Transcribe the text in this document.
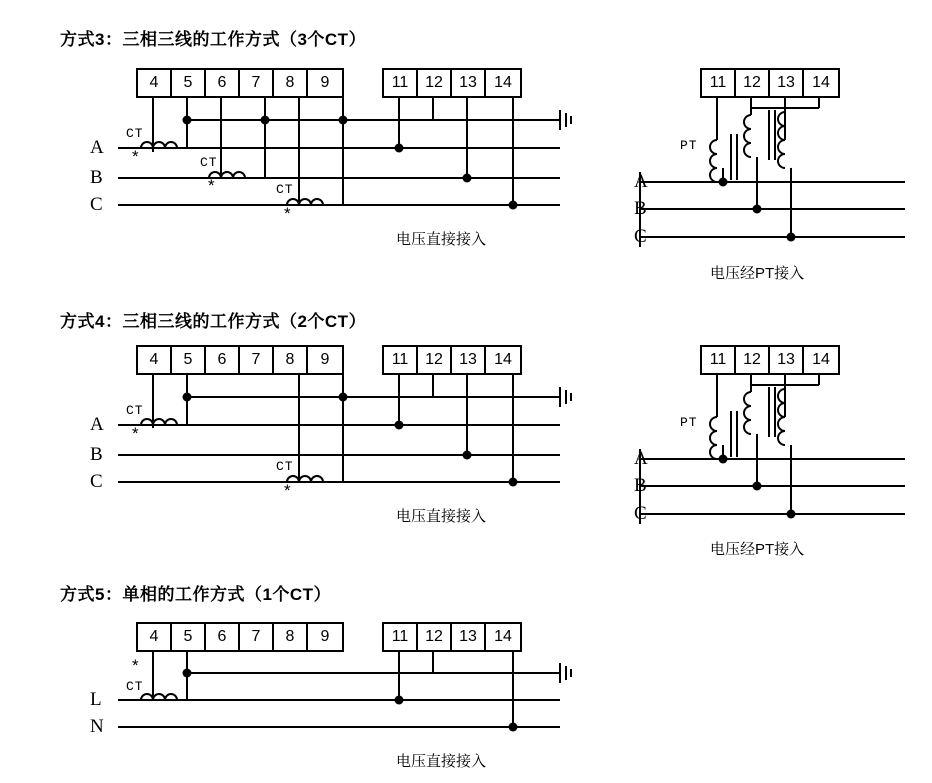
方式3：三相三线的工作方式（3个CT）
4	5	6	7	8	9	11	12	13	14
A
B
C
CT
CT
CT
*
*
*
电压直接接入
11	12	13	14
PT
A
B
C
电压经PT接入
方式4：三相三线的工作方式（2个CT）
4	5	6	7	8	9	11	12	13	14
A
B
C
CT
CT
*
*
电压直接接入
11	12	13	14
PT
A
B
C
电压经PT接入
方式5：单相的工作方式（1个CT）
4	5	6	7	8	9	11	12	13	14
L
N
*
CT
电压直接接入
